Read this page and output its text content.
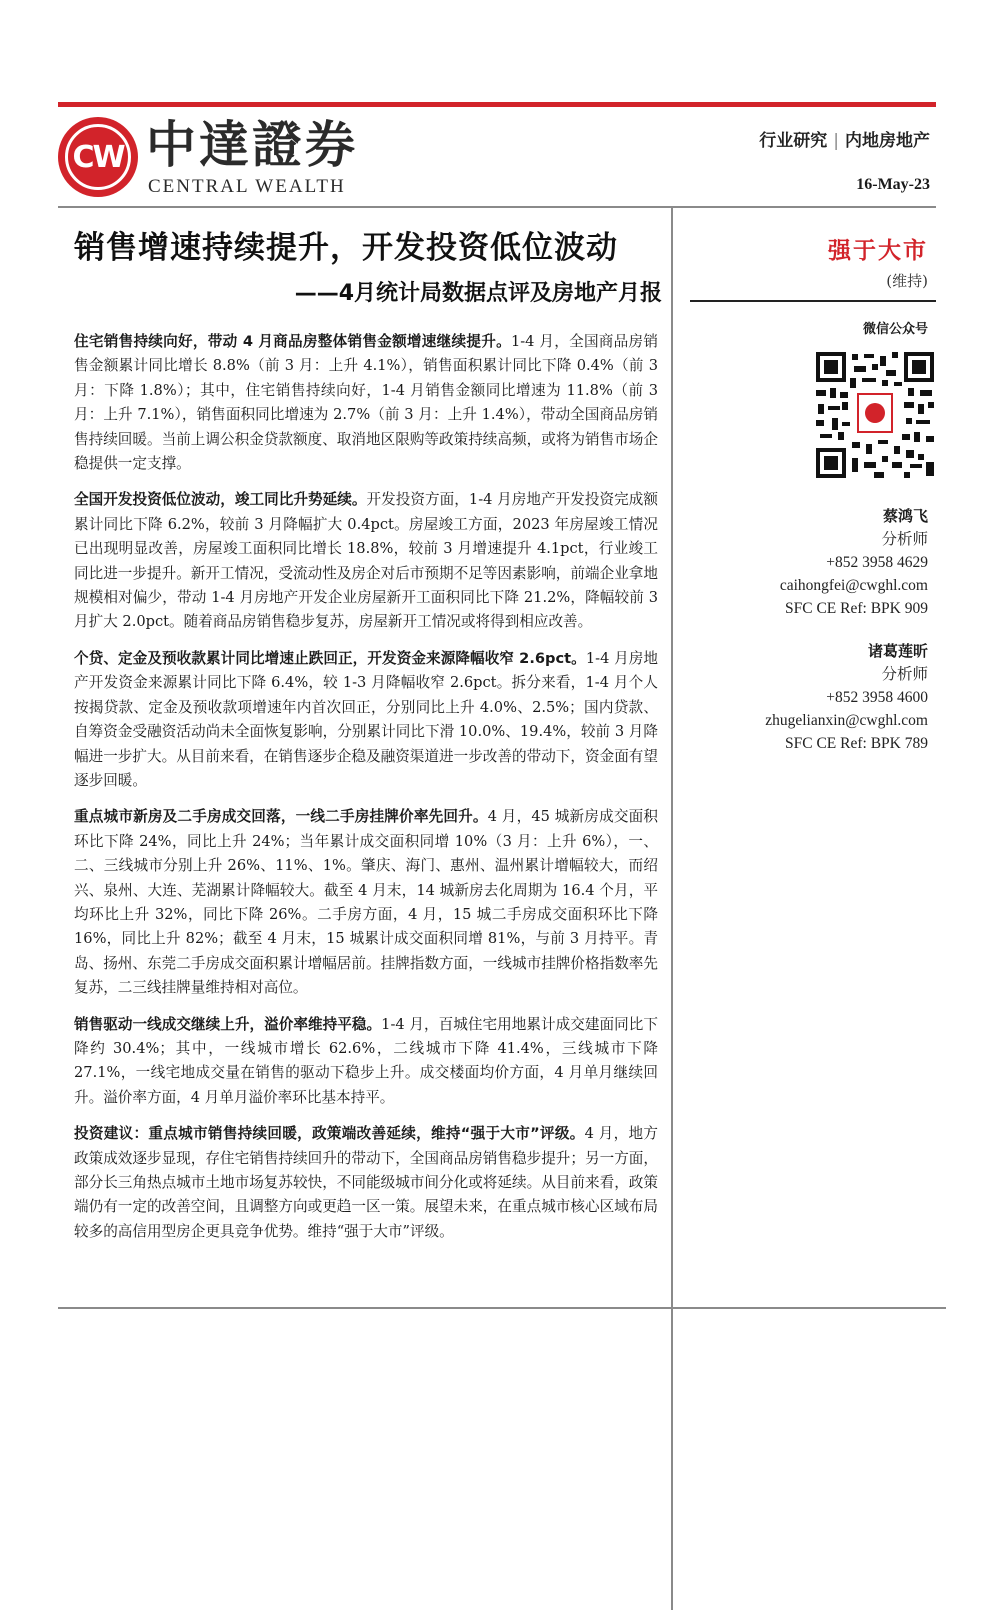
CW 中達證券
CENTRAL WEALTH
行业研究 | 内地房地产
16-May-23
销售增速持续提升，开发投资低位波动
——4月统计局数据点评及房地产月报

住宅销售持续向好，带动 4 月商品房整体销售金额增速继续提升。1-4 月，全国商品房销售金额累计同比增长 8.8%（前 3 月：上升 4.1%），销售面积累计同比下降 0.4%（前 3 月：下降 1.8%）；其中，住宅销售持续向好，1-4 月销售金额同比增速为 11.8%（前 3 月：上升 7.1%），销售面积同比增速为 2.7%（前 3 月：上升 1.4%），带动全国商品房销售持续回暖。当前上调公积金贷款额度、取消地区限购等政策持续高频，或将为销售市场企稳提供一定支撑。

全国开发投资低位波动，竣工同比升势延续。开发投资方面，1-4 月房地产开发投资完成额累计同比下降 6.2%，较前 3 月降幅扩大 0.4pct。房屋竣工方面，2023 年房屋竣工情况已出现明显改善，房屋竣工面积同比增长 18.8%，较前 3 月增速提升 4.1pct，行业竣工同比进一步提升。新开工情况，受流动性及房企对后市预期不足等因素影响，前端企业拿地规模相对偏少，带动 1-4 月房地产开发企业房屋新开工面积同比下降 21.2%，降幅较前 3 月扩大 2.0pct。随着商品房销售稳步复苏，房屋新开工情况或将得到相应改善。

个贷、定金及预收款累计同比增速止跌回正，开发资金来源降幅收窄 2.6pct。1-4 月房地产开发资金来源累计同比下降 6.4%，较 1-3 月降幅收窄 2.6pct。拆分来看，1-4 月个人按揭贷款、定金及预收款项增速年内首次回正，分别同比上升 4.0%、2.5%；国内贷款、自筹资金受融资活动尚未全面恢复影响，分别累计同比下滑 10.0%、19.4%，较前 3 月降幅进一步扩大。从目前来看，在销售逐步企稳及融资渠道进一步改善的带动下，资金面有望逐步回暖。

重点城市新房及二手房成交回落，一线二手房挂牌价率先回升。4 月，45 城新房成交面积环比下降 24%，同比上升 24%；当年累计成交面积同增 10%（3 月：上升 6%），一、二、三线城市分别上升 26%、11%、1%。肇庆、海门、惠州、温州累计增幅较大，而绍兴、泉州、大连、芜湖累计降幅较大。截至 4 月末，14 城新房去化周期为 16.4 个月，平均环比上升 32%，同比下降 26%。二手房方面，4 月，15 城二手房成交面积环比下降 16%，同比上升 82%；截至 4 月末，15 城累计成交面积同增 81%，与前 3 月持平。青岛、扬州、东莞二手房成交面积累计增幅居前。挂牌指数方面，一线城市挂牌价格指数率先复苏，二三线挂牌量维持相对高位。

销售驱动一线成交继续上升，溢价率维持平稳。1-4 月，百城住宅用地累计成交建面同比下降约 30.4%；其中，一线城市增长 62.6%，二线城市下降 41.4%，三线城市下降 27.1%，一线宅地成交量在销售的驱动下稳步上升。成交楼面均价方面，4 月单月继续回升。溢价率方面，4 月单月溢价率环比基本持平。

投资建议：重点城市销售持续回暖，政策端改善延续，维持“强于大市”评级。4 月，地方政策成效逐步显现，存住宅销售持续回升的带动下，全国商品房销售稳步提升；另一方面，部分长三角热点城市土地市场复苏较快，不同能级城市间分化或将延续。从目前来看，政策端仍有一定的改善空间，且调整方向或更趋一区一策。展望未来，在重点城市核心区域布局较多的高信用型房企更具竞争优势。维持“强于大市”评级。

强于大市
(维持)
微信公众号
蔡鸿飞
分析师
+852 3958 4629
caihongfei@cwghl.com
SFC CE Ref: BPK 909
诸葛莲昕
分析师
+852 3958 4600
zhugelianxin@cwghl.com
SFC CE Ref: BPK 789
